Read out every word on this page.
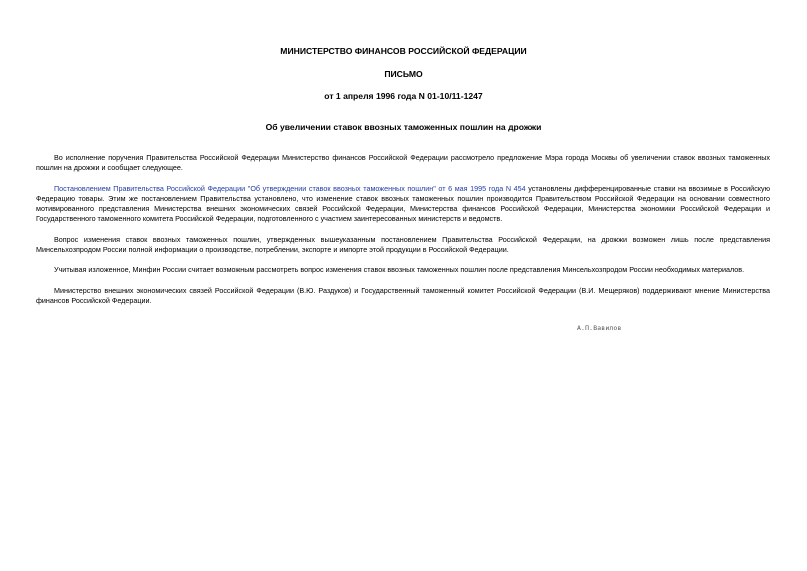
МИНИСТЕРСТВО ФИНАНСОВ РОССИЙСКОЙ ФЕДЕРАЦИИ
ПИСЬМО
от 1 апреля 1996 года N 01-10/11-1247
Об увеличении ставок ввозных таможенных пошлин на дрожжи

Во исполнение поручения Правительства Российской Федерации Министерство финансов Российской Федерации рассмотрело предложение Мэра города Москвы об увеличении ставок ввозных таможенных пошлин на дрожжи и сообщает следующее.

Постановлением Правительства Российской Федерации "Об утверждении ставок ввозных таможенных пошлин" от 6 мая 1995 года N 454 установлены дифференцированные ставки на ввозимые в Российскую Федерацию товары. Этим же постановлением Правительства установлено, что изменение ставок ввозных таможенных пошлин производится Правительством Российской Федерации на основании совместного мотивированного представления Министерства внешних экономических связей Российской Федерации, Министерства финансов Российской Федерации, Министерства экономики Российской Федерации и Государственного таможенного комитета Российской Федерации, подготовленного с участием заинтересованных министерств и ведомств.

Вопрос изменения ставок ввозных таможенных пошлин, утвержденных вышеуказанным постановлением Правительства Российской Федерации, на дрожжи возможен лишь после представления Минсельхозпродом России полной информации о производстве, потреблении, экспорте и импорте этой продукции в Российской Федерации.

Учитывая изложенное, Минфин России считает возможным рассмотреть вопрос изменения ставок ввозных таможенных пошлин после представления Минсельхозпродом России необходимых материалов.

Министерство внешних экономических связей Российской Федерации (В.Ю. Раздуков) и Государственный таможенный комитет Российской Федерации (В.И. Мещеряков) поддерживают мнение Министерства финансов Российской Федерации.

А.П.Вавилов
